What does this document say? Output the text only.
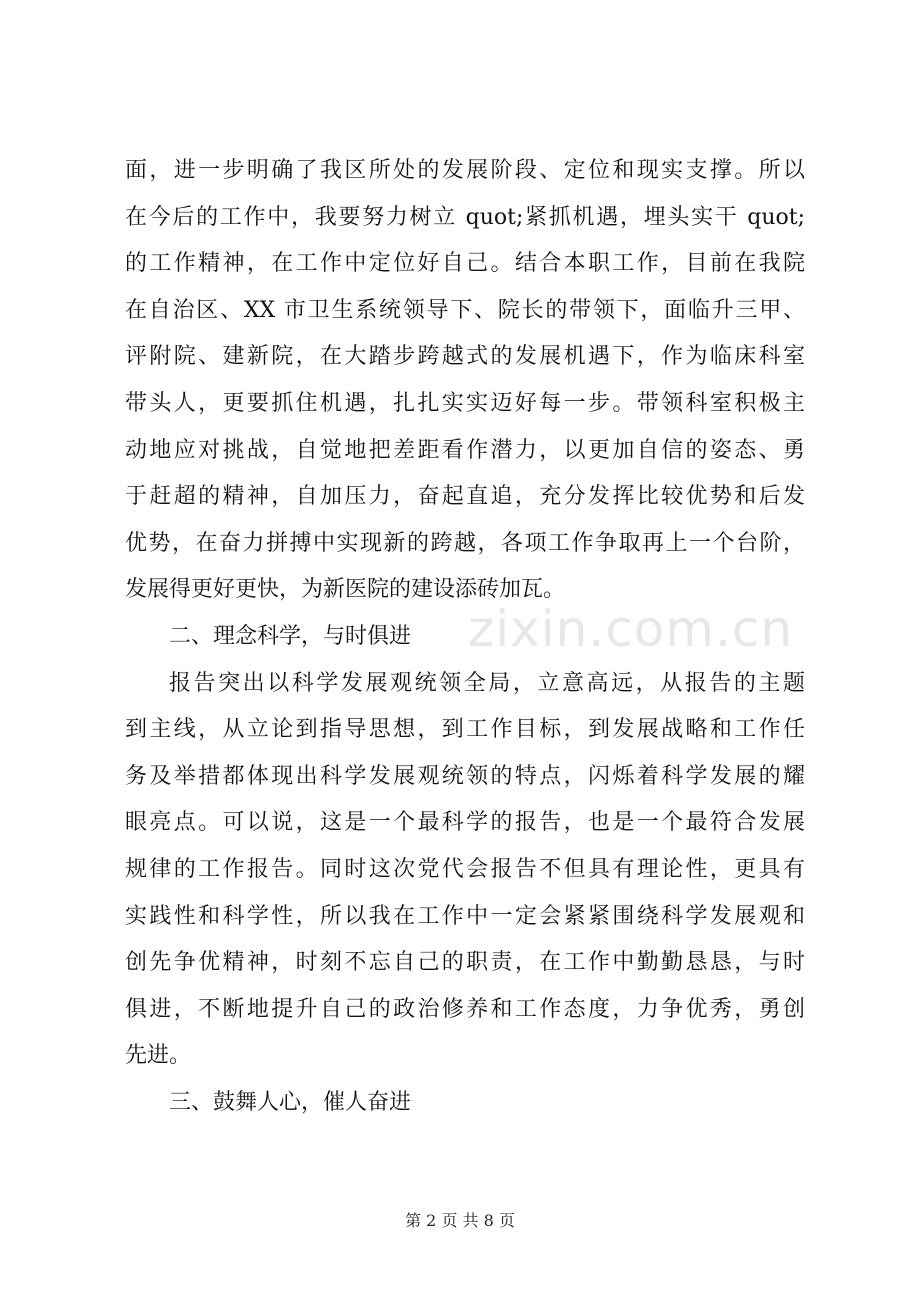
面，进一步明确了我区所处的发展阶段、定位和现实支撑。所以
在今后的工作中，我要努力树立 quot;紧抓机遇，埋头实干 quot;
的工作精神，在工作中定位好自己。结合本职工作，目前在我院
在自治区、XX 市卫生系统领导下、院长的带领下，面临升三甲、
评附院、建新院，在大踏步跨越式的发展机遇下，作为临床科室
带头人，更要抓住机遇，扎扎实实迈好每一步。带领科室积极主
动地应对挑战，自觉地把差距看作潜力，以更加自信的姿态、勇
于赶超的精神，自加压力，奋起直追，充分发挥比较优势和后发
优势，在奋力拼搏中实现新的跨越，各项工作争取再上一个台阶，
发展得更好更快，为新医院的建设添砖加瓦。
二、理念科学，与时俱进
报告突出以科学发展观统领全局，立意高远，从报告的主题
到主线，从立论到指导思想，到工作目标，到发展战略和工作任
务及举措都体现出科学发展观统领的特点，闪烁着科学发展的耀
眼亮点。可以说，这是一个最科学的报告，也是一个最符合发展
规律的工作报告。同时这次党代会报告不但具有理论性，更具有
实践性和科学性，所以我在工作中一定会紧紧围绕科学发展观和
创先争优精神，时刻不忘自己的职责，在工作中勤勤恳恳，与时
俱进，不断地提升自己的政治修养和工作态度，力争优秀，勇创
先进。
三、鼓舞人心，催人奋进
zixin.com.cn
第 2 页 共 8 页
